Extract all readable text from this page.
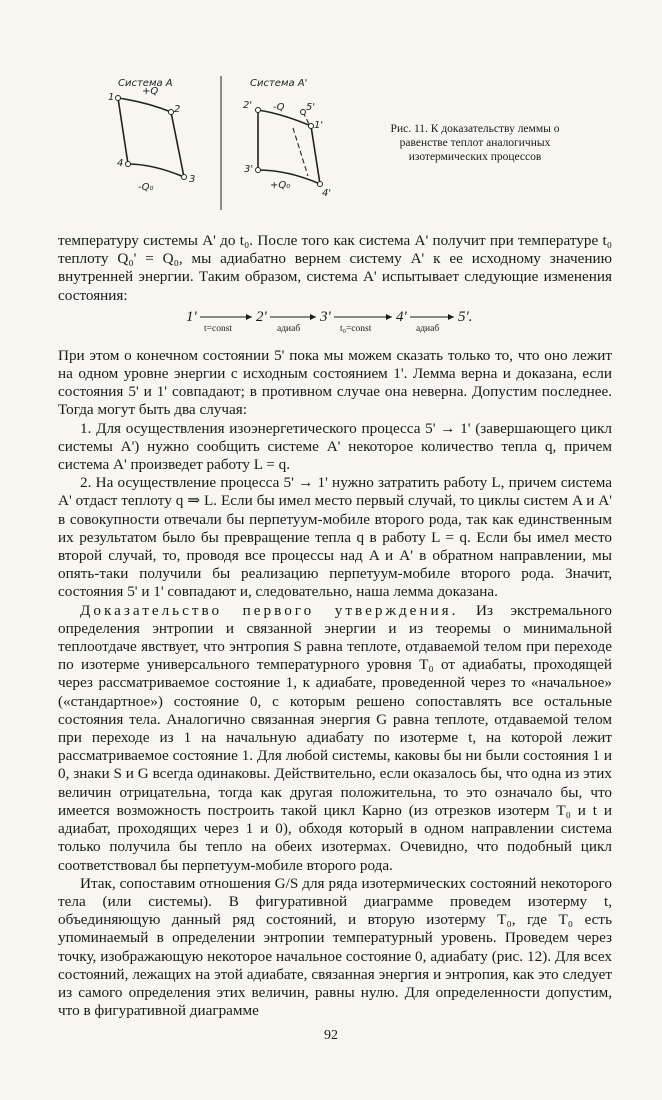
Система А	Система А'
1
2
3
4
+Q
-Q₀
1'
2'
3'
4'
5'
-Q
+Q₀
Рис. 11. К доказательству леммы о равенстве теплот аналогичных изотермических процессов

температуру системы A' до t₀. После того как система A' получит при температуре t₀ теплоту Q₀' = Q₀, мы адиабатно вернем систему A' к ее исходному значению внутренней энергии. Таким образом, система A' испытывает следующие изменения состояния:

1'	2'	3'	4'	5'.
t=const	адиаб	t₀=const	адиаб

При этом о конечном состоянии 5' пока мы можем сказать только то, что оно лежит на одном уровне энергии с исходным состоянием 1'. Лемма верна и доказана, если состояния 5' и 1' совпадают; в противном случае она неверна. Допустим последнее. Тогда могут быть два случая:

1. Для осуществления изоэнергетического процесса 5' → 1' (завершающего цикл системы A') нужно сообщить системе A' некоторое количество тепла q, причем система A' произведет работу L = q.

2. На осуществление процесса 5' → 1' нужно затратить работу L, причем система A' отдаст теплоту q ⇒ L. Если бы имел место первый случай, то циклы систем A и A' в совокупности отвечали бы перпетуум-мобиле второго рода, так как единственным их результатом было бы превращение тепла q в работу L = q. Если бы имел место второй случай, то, проводя все процессы над A и A' в обратном направлении, мы опять-таки получили бы реализацию перпетуум-мобиле второго рода. Значит, состояния 5' и 1' совпадают и, следовательно, наша лемма доказана.

Доказательство первого утверждения. Из экстремального определения энтропии и связанной энергии и из теоремы о минимальной теплоотдаче явствует, что энтропия S равна теплоте, отдаваемой телом при переходе по изотерме универсального температурного уровня T₀ от адиабаты, проходящей через рассматриваемое состояние 1, к адиабате, проведенной через то «начальное» («стандартное») состояние 0, с которым решено сопоставлять все остальные состояния тела. Аналогично связанная энергия G равна теплоте, отдаваемой телом при переходе из 1 на начальную адиабату по изотерме t, на которой лежит рассматриваемое состояние 1. Для любой системы, каковы бы ни были состояния 1 и 0, знаки S и G всегда одинаковы. Действительно, если оказалось бы, что одна из этих величин отрицательна, тогда как другая положительна, то это означало бы, что имеется возможность построить такой цикл Карно (из отрезков изотерм T₀ и t и адиабат, проходящих через 1 и 0), обходя который в одном направлении система только получила бы тепло на обеих изотермах. Очевидно, что подобный цикл соответствовал бы перпетуум-мобиле второго рода.

Итак, сопоставим отношения G/S для ряда изотермических состояний некоторого тела (или системы). В фигуративной диаграмме проведем изотерму t, объединяющую данный ряд состояний, и вторую изотерму T₀, где T₀ есть упоминаемый в определении энтропии температурный уровень. Проведем через точку, изображающую некоторое начальное состояние 0, адиабату (рис. 12). Для всех состояний, лежащих на этой адиабате, связанная энергия и энтропия, как это следует из самого определения этих величин, равны нулю. Для определенности допустим, что в фигуративной диаграмме

92
